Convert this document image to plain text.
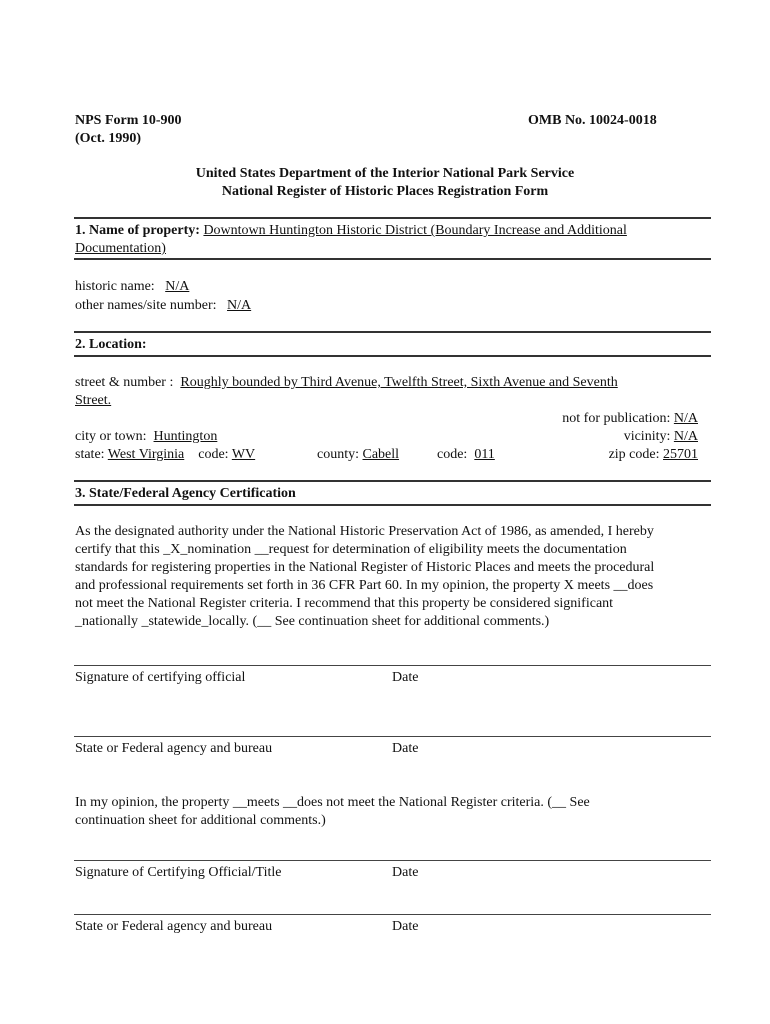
NPS Form 10-900
(Oct. 1990)
OMB No. 10024-0018
United States Department of the Interior National Park Service
National Register of Historic Places Registration Form
1. Name of property: Downtown Huntington Historic District (Boundary Increase and Additional
Documentation)
historic name: N/A
other names/site number: N/A
2. Location:
street & number : Roughly bounded by Third Avenue, Twelfth Street, Sixth Avenue and Seventh
Street.
not for publication: N/A
city or town: Huntington	vicinity: N/A
state: West Virginia code: WV	county: Cabell	code: 011	zip code: 25701
3. State/Federal Agency Certification
As the designated authority under the National Historic Preservation Act of 1986, as amended, I hereby
certify that this _X_nomination __request for determination of eligibility meets the documentation
standards for registering properties in the National Register of Historic Places and meets the procedural
and professional requirements set forth in 36 CFR Part 60. In my opinion, the property X meets __does
not meet the National Register criteria. I recommend that this property be considered significant
_nationally _statewide_locally. (__ See continuation sheet for additional comments.)
Signature of certifying official	Date
State or Federal agency and bureau	Date
In my opinion, the property __meets __does not meet the National Register criteria. (__ See
continuation sheet for additional comments.)
Signature of Certifying Official/Title	Date
State or Federal agency and bureau	Date
